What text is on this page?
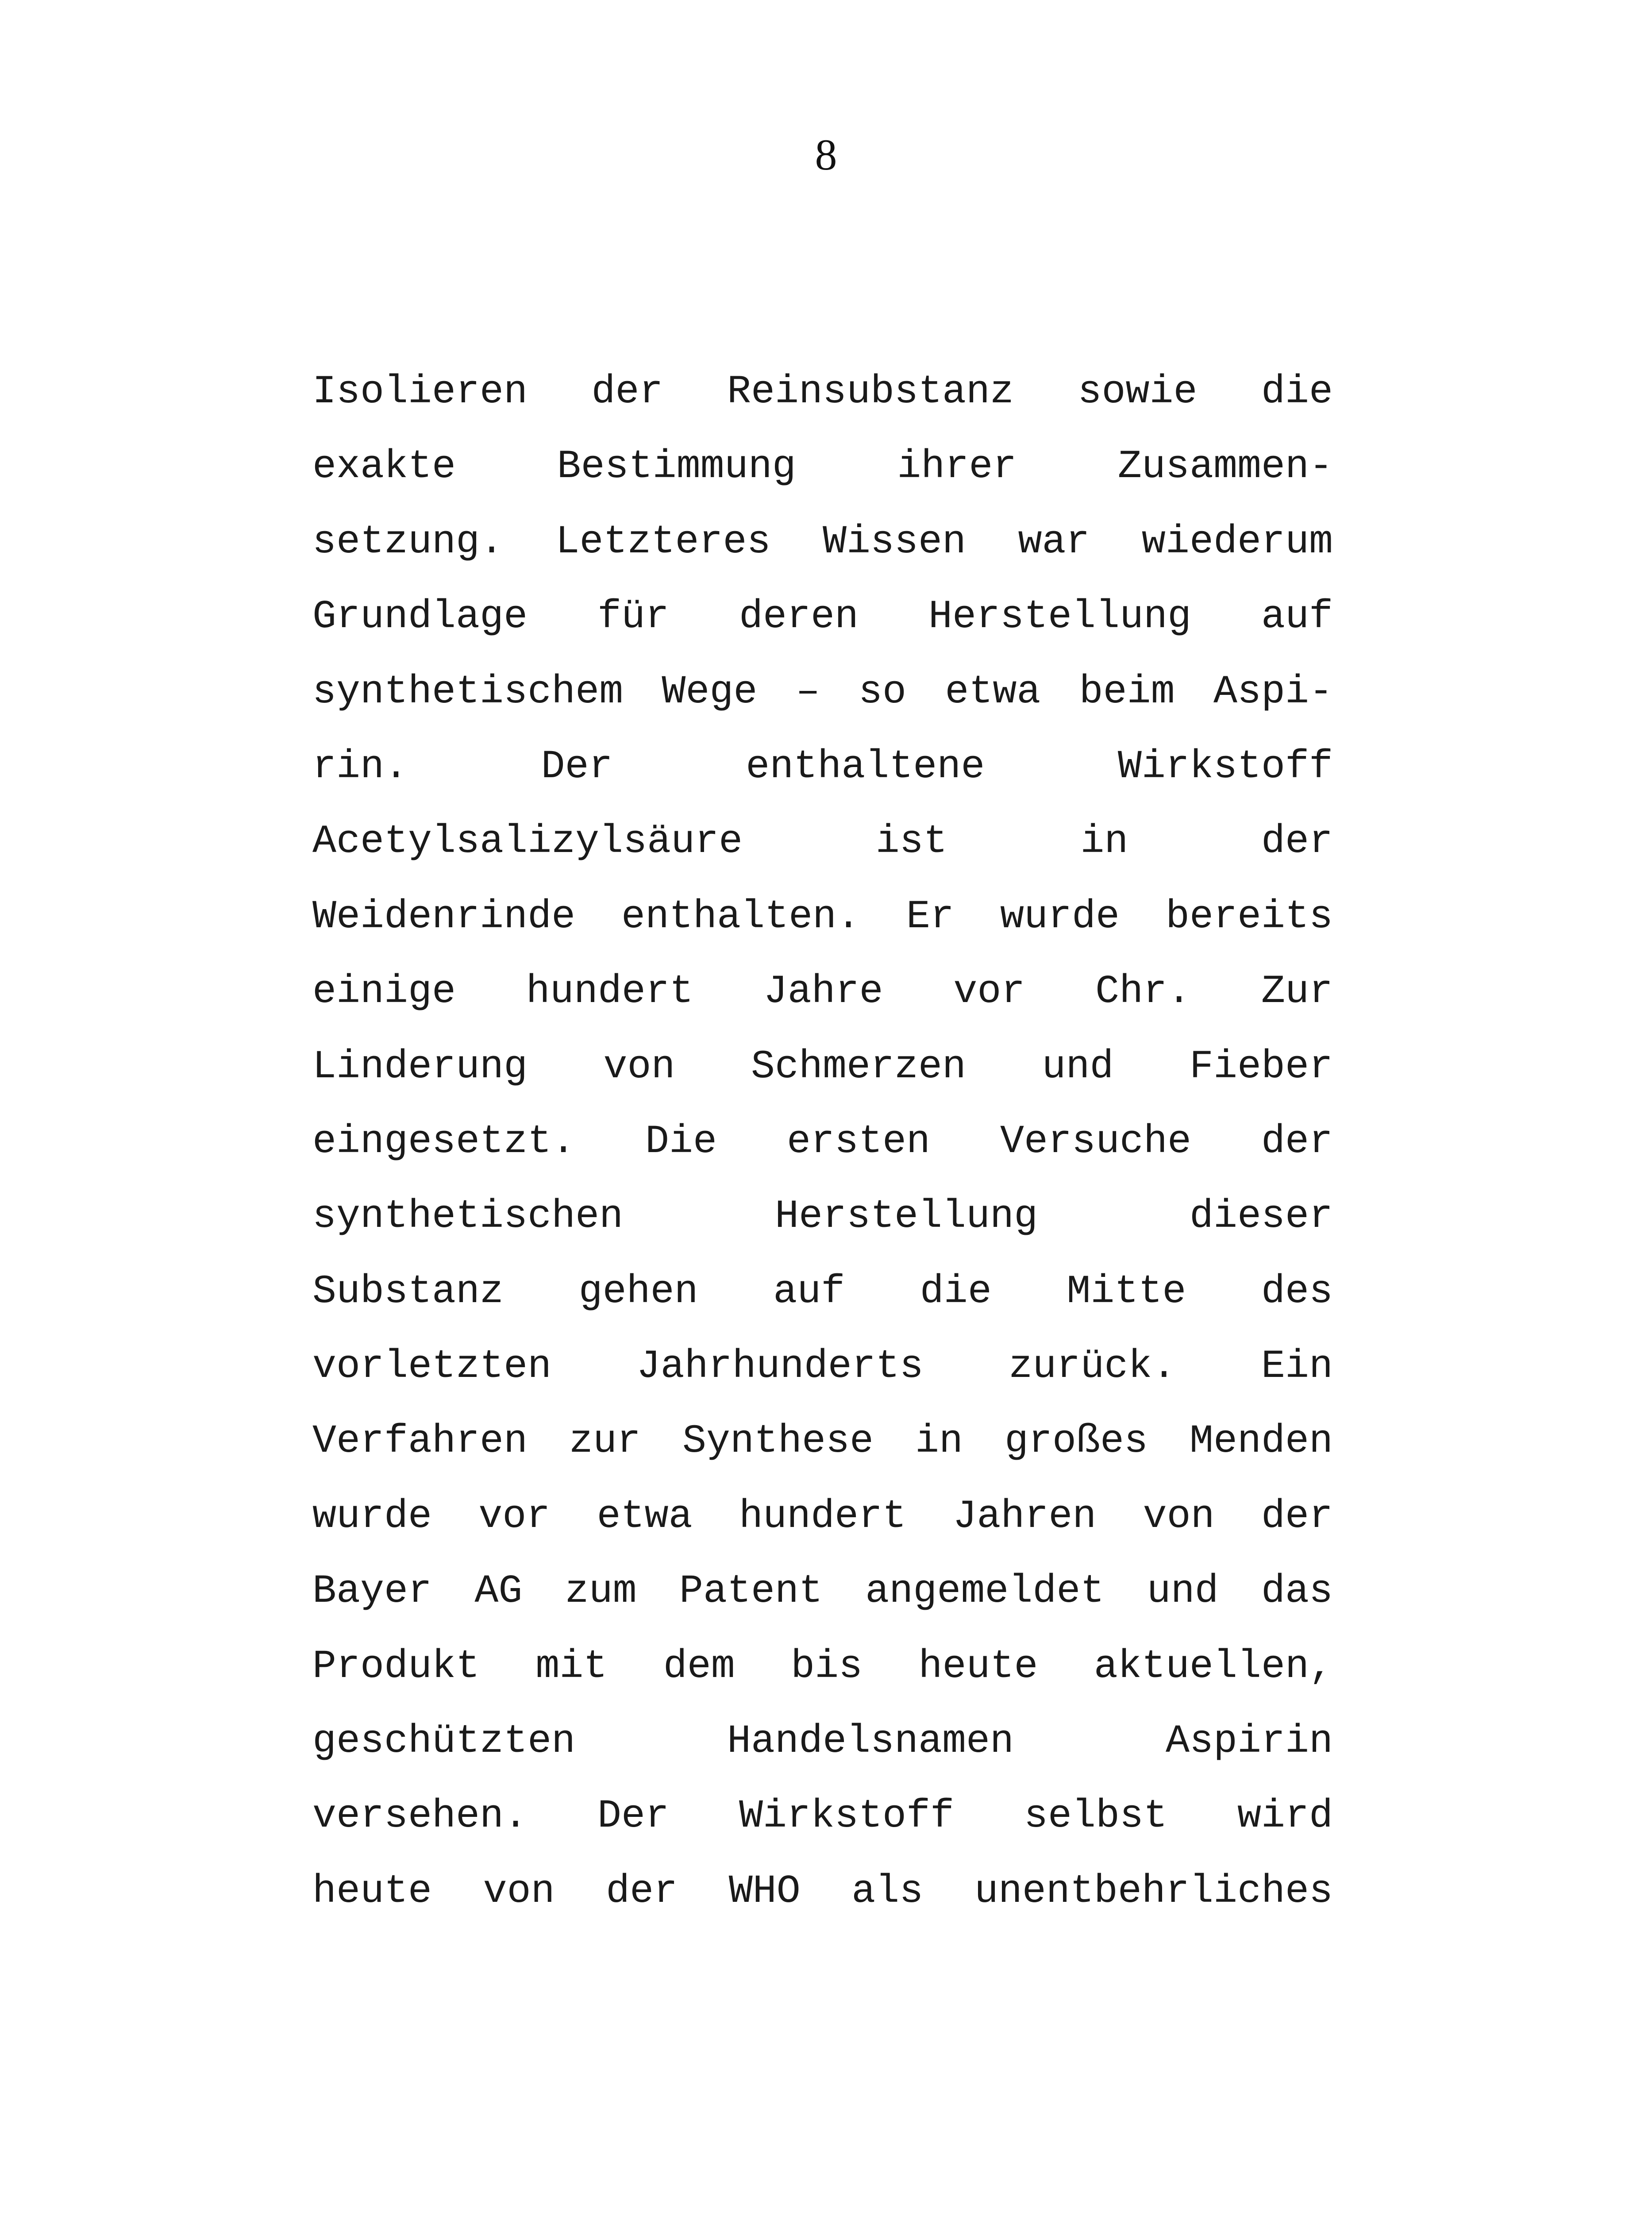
8
Isolieren der Reinsubstanz sowie die
exakte Bestimmung ihrer Zusammen-
setzung. Letzteres Wissen war wiederum
Grundlage für deren Herstellung auf
synthetischem Wege – so etwa beim Aspi-
rin. Der enthaltene Wirkstoff
Acetylsalizylsäure ist in der
Weidenrinde enthalten. Er wurde bereits
einige hundert Jahre vor Chr. Zur
Linderung von Schmerzen und Fieber
eingesetzt. Die ersten Versuche der
synthetischen Herstellung dieser
Substanz gehen auf die Mitte des
vorletzten Jahrhunderts zurück. Ein
Verfahren zur Synthese in großes Menden
wurde vor etwa hundert Jahren von der
Bayer AG zum Patent angemeldet und das
Produkt mit dem bis heute aktuellen,
geschützten Handelsnamen Aspirin
versehen. Der Wirkstoff selbst wird
heute von der WHO als unentbehrliches
